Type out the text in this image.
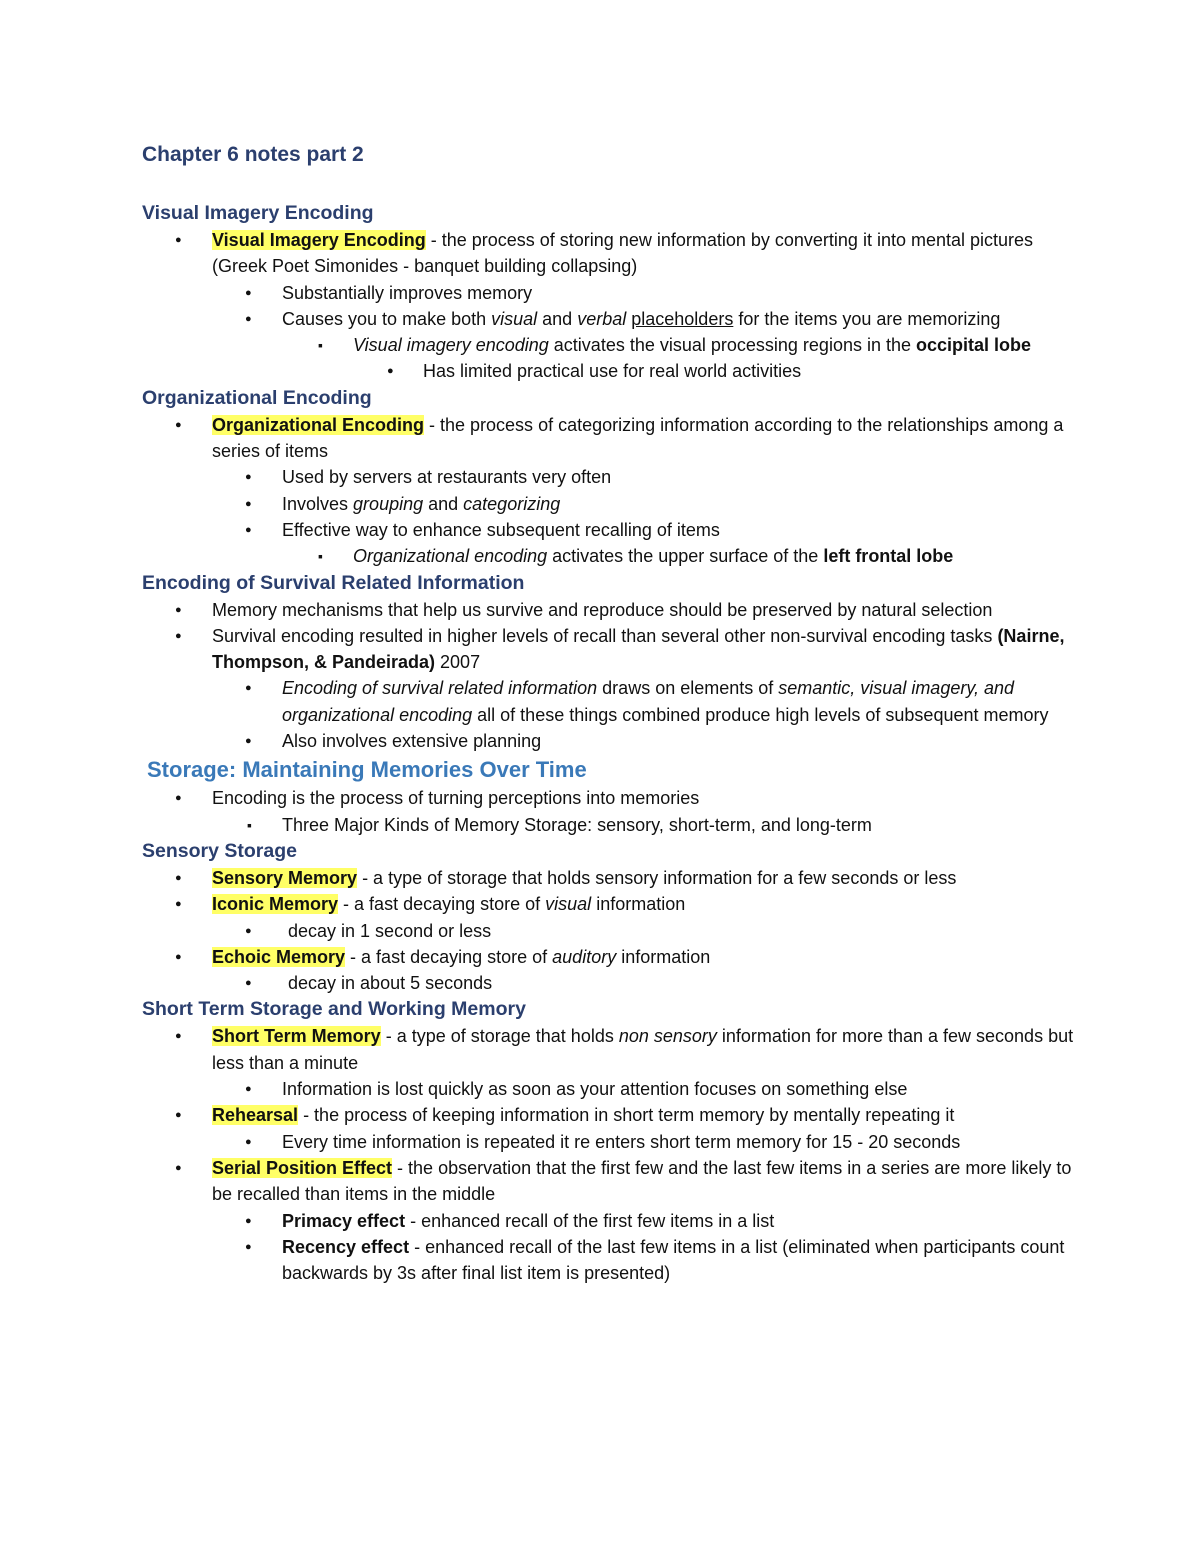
Chapter 6 notes part 2
Visual Imagery Encoding
● Visual Imagery Encoding - the process of storing new information by converting it into mental pictures (Greek Poet Simonides - banquet building collapsing)
● Substantially improves memory
● Causes you to make both visual and verbal placeholders for the items you are memorizing
▪ Visual imagery encoding activates the visual processing regions in the occipital lobe
● Has limited practical use for real world activities
Organizational Encoding
● Organizational Encoding - the process of categorizing information according to the relationships among a series of items
● Used by servers at restaurants very often
● Involves grouping and categorizing
● Effective way to enhance subsequent recalling of items
▪ Organizational encoding activates the upper surface of the left frontal lobe
Encoding of Survival Related Information
● Memory mechanisms that help us survive and reproduce should be preserved by natural selection
● Survival encoding resulted in higher levels of recall than several other non-survival encoding tasks (Nairne, Thompson, & Pandeirada) 2007
● Encoding of survival related information draws on elements of semantic, visual imagery, and organizational encoding all of these things combined produce high levels of subsequent memory
● Also involves extensive planning
Storage: Maintaining Memories Over Time
● Encoding is the process of turning perceptions into memories
▪ Three Major Kinds of Memory Storage: sensory, short-term, and long-term
Sensory Storage
● Sensory Memory - a type of storage that holds sensory information for a few seconds or less
● Iconic Memory - a fast decaying store of visual information
● decay in 1 second or less
● Echoic Memory - a fast decaying store of auditory information
● decay in about 5 seconds
Short Term Storage and Working Memory
● Short Term Memory - a type of storage that holds non sensory information for more than a few seconds but less than a minute
● Information is lost quickly as soon as your attention focuses on something else
● Rehearsal - the process of keeping information in short term memory by mentally repeating it
● Every time information is repeated it re enters short term memory for 15 - 20 seconds
● Serial Position Effect - the observation that the first few and the last few items in a series are more likely to be recalled than items in the middle
● Primacy effect - enhanced recall of the first few items in a list
● Recency effect - enhanced recall of the last few items in a list (eliminated when participants count backwards by 3s after final list item is presented)
